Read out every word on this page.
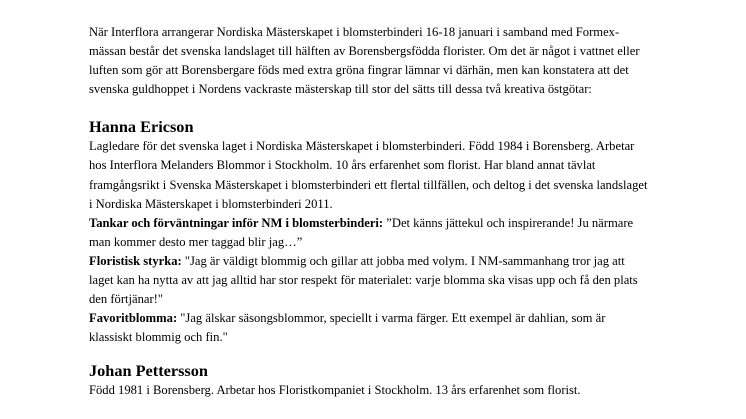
När Interflora arrangerar Nordiska Mästerskapet i blomsterbinderi 16-18 januari i samband med Formex-mässan består det svenska landslaget till hälften av Borensbergsfödda florister. Om det är något i vattnet eller luften som gör att Borensbergare föds med extra gröna fingrar lämnar vi därhän, men kan konstatera att det svenska guldhoppet i Nordens vackraste mästerskap till stor del sätts till dessa två kreativa östgötar:

Hanna Ericson

Lagledare för det svenska laget i Nordiska Mästerskapet i blomsterbinderi. Född 1984 i Borensberg. Arbetar hos Interflora Melanders Blommor i Stockholm. 10 års erfarenhet som florist. Har bland annat tävlat framgångsrikt i Svenska Mästerskapet i blomsterbinderi ett flertal tillfällen, och deltog i det svenska landslaget i Nordiska Mästerskapet i blomsterbinderi 2011.

Tankar och förväntningar inför NM i blomsterbinderi: ”Det känns jättekul och inspirerande! Ju närmare man kommer desto mer taggad blir jag…”

Floristisk styrka: "Jag är väldigt blommig och gillar att jobba med volym. I NM-sammanhang tror jag att laget kan ha nytta av att jag alltid har stor respekt för materialet: varje blomma ska visas upp och få den plats den förtjänar!"

Favoritblomma: "Jag älskar säsongsblommor, speciellt i varma färger. Ett exempel är dahlian, som är klassiskt blommig och fin."

Johan Pettersson

Född 1981 i Borensberg. Arbetar hos Floristkompaniet i Stockholm. 13 års erfarenhet som florist.
